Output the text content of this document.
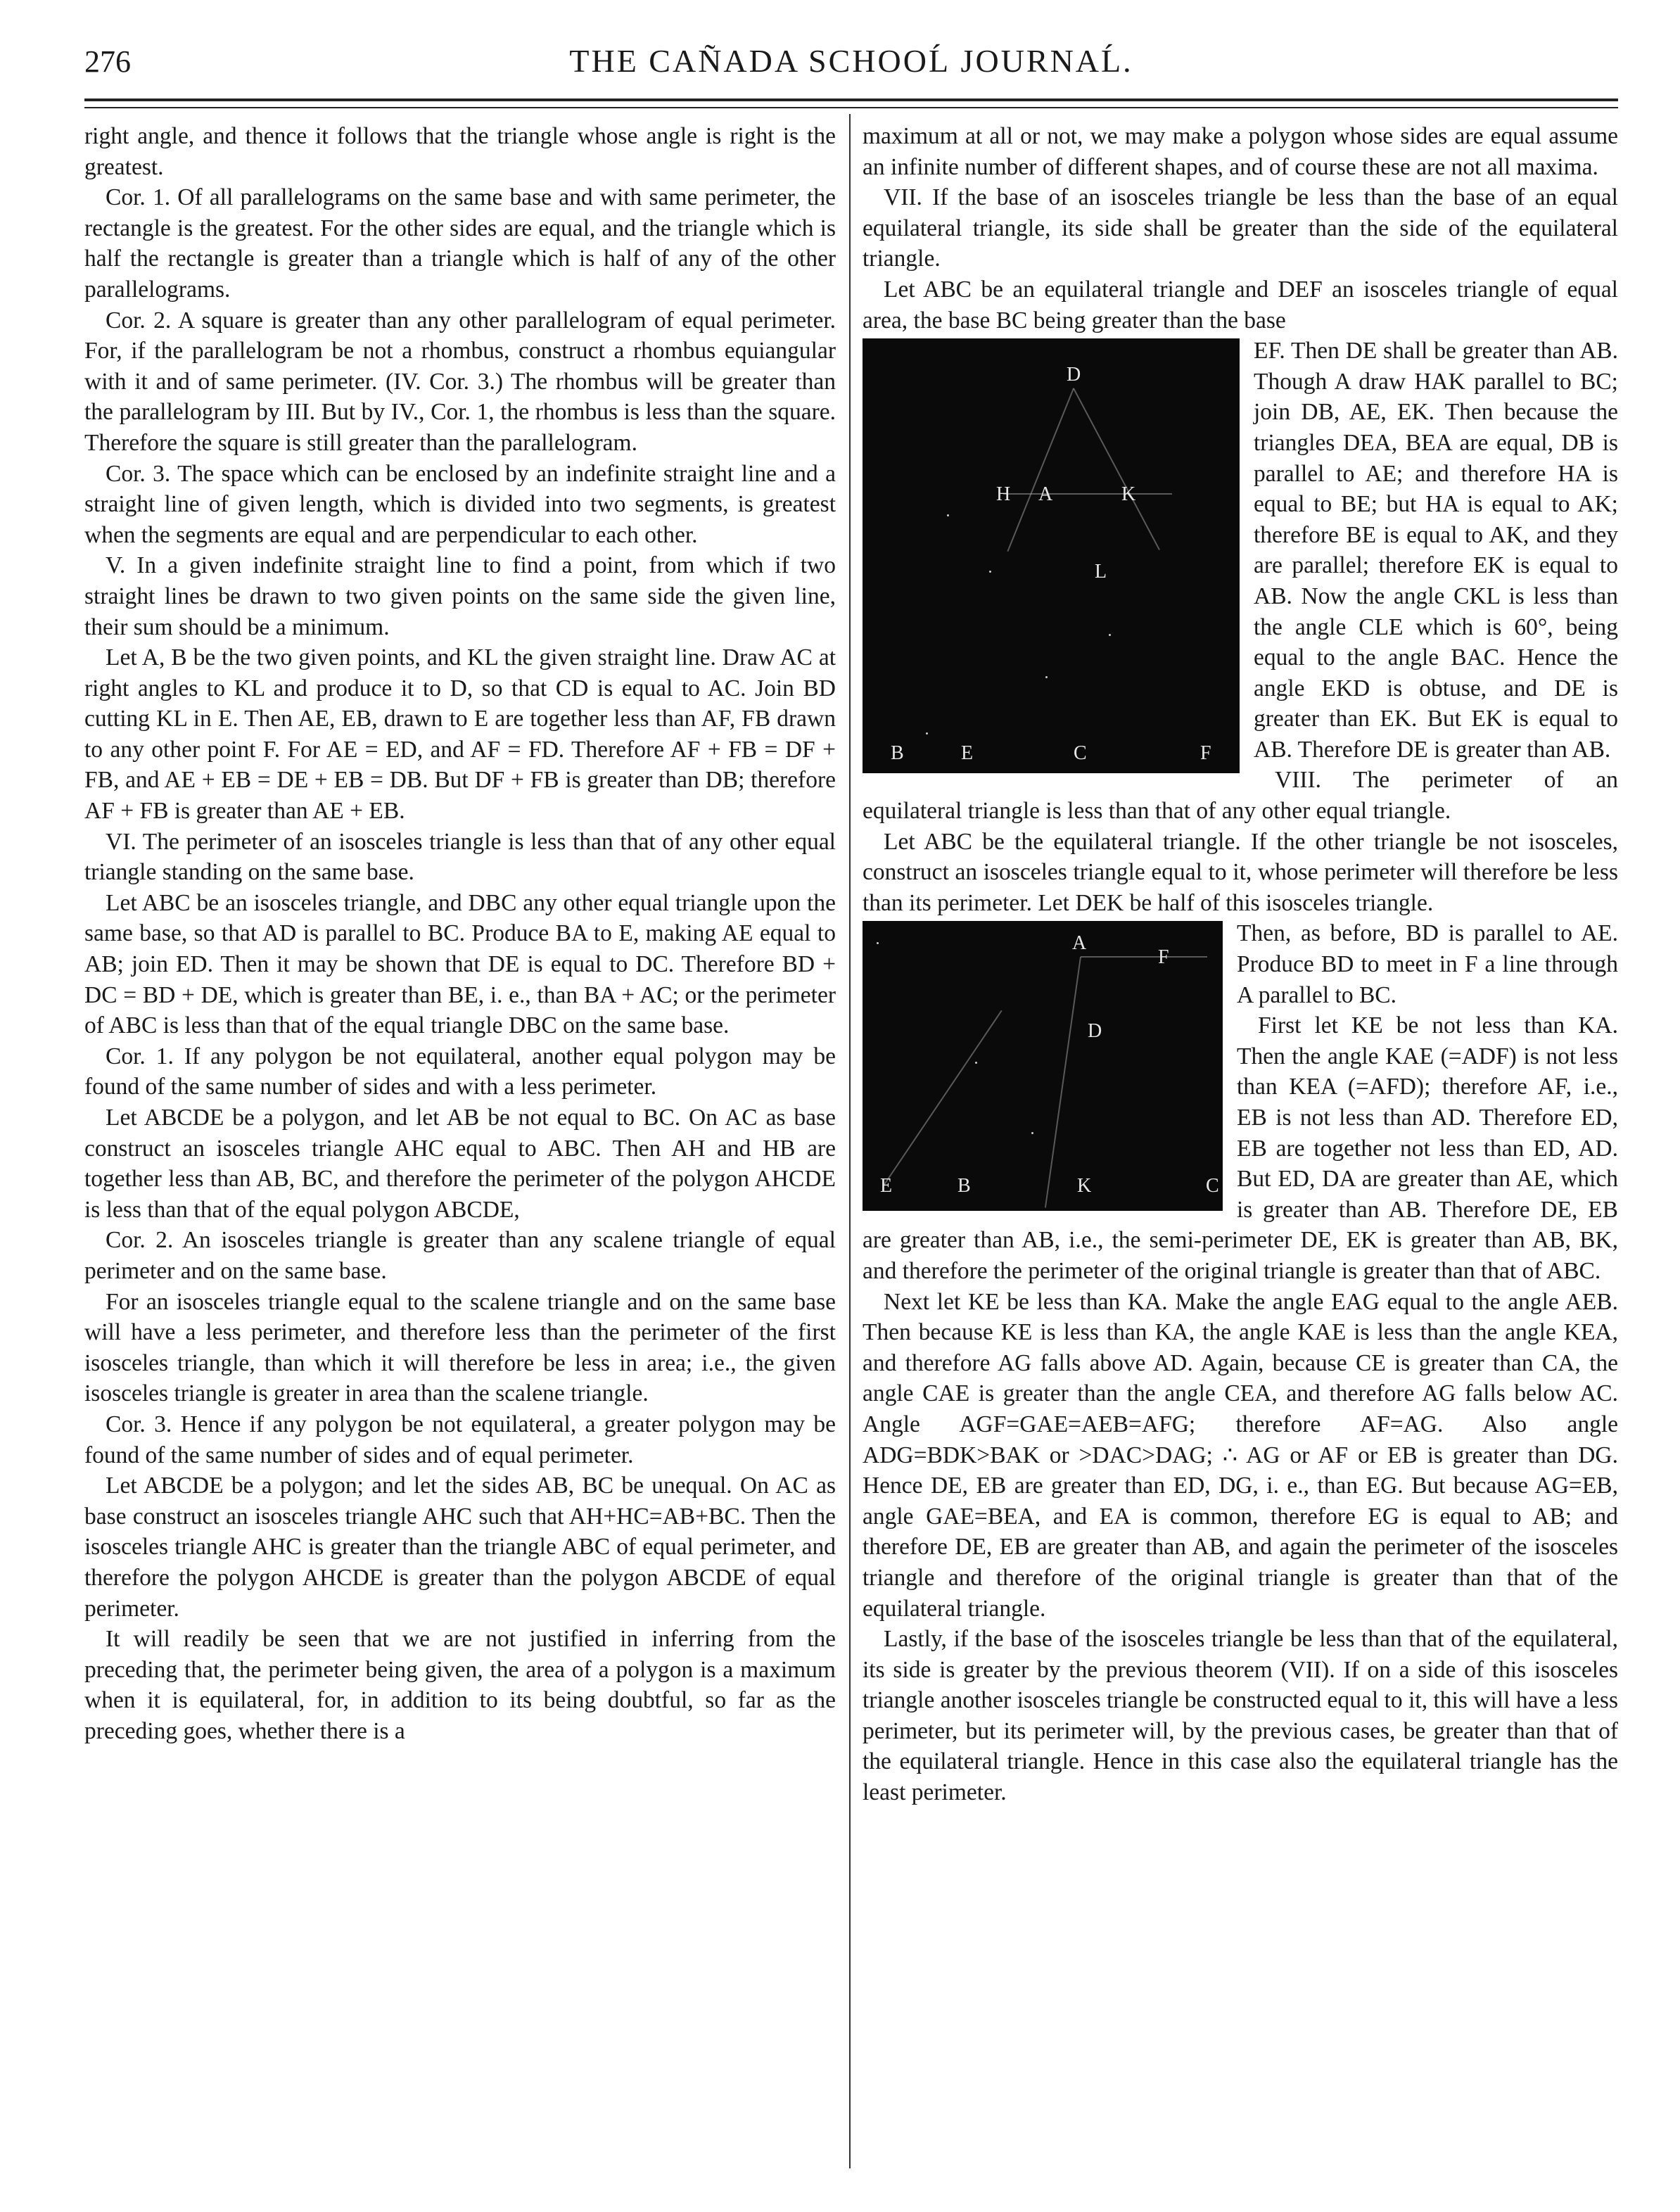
276	THE CAÑADA SCHOOĹ JOURNAĹ.

right angle, and thence it follows that the triangle whose angle is right is the greatest.

Cor. 1. Of all parallelograms on the same base and with same perimeter, the rectangle is the greatest. For the other sides are equal, and the triangle which is half the rectangle is greater than a triangle which is half of any of the other parallelograms.

Cor. 2. A square is greater than any other parallelogram of equal perimeter. For, if the parallelogram be not a rhombus, construct a rhombus equiangular with it and of same perimeter. (IV. Cor. 3.) The rhombus will be greater than the parallelogram by III. But by IV., Cor. 1, the rhombus is less than the square. Therefore the square is still greater than the parallelogram.

Cor. 3. The space which can be enclosed by an indefinite straight line and a straight line of given length, which is divided into two segments, is greatest when the segments are equal and are perpendicular to each other.

V. In a given indefinite straight line to find a point, from which if two straight lines be drawn to two given points on the same side the given line, their sum should be a minimum.

Let A, B be the two given points, and KL the given straight line. Draw AC at right angles to KL and produce it to D, so that CD is equal to AC. Join BD cutting KL in E. Then AE, EB, drawn to E are together less than AF, FB drawn to any other point F. For AE = ED, and AF = FD. Therefore AF + FB = DF + FB, and AE + EB = DE + EB = DB. But DF + FB is greater than DB; therefore AF + FB is greater than AE + EB.

VI. The perimeter of an isosceles triangle is less than that of any other equal triangle standing on the same base.

Let ABC be an isosceles triangle, and DBC any other equal triangle upon the same base, so that AD is parallel to BC. Produce BA to E, making AE equal to AB; join ED. Then it may be shown that DE is equal to DC. Therefore BD + DC = BD + DE, which is greater than BE, i. e., than BA + AC; or the perimeter of ABC is less than that of the equal triangle DBC on the same base.

Cor. 1. If any polygon be not equilateral, another equal polygon may be found of the same number of sides and with a less perimeter.

Let ABCDE be a polygon, and let AB be not equal to BC. On AC as base construct an isosceles triangle AHC equal to ABC. Then AH and HB are together less than AB, BC, and therefore the perimeter of the polygon AHCDE is less than that of the equal polygon ABCDE,

Cor. 2. An isosceles triangle is greater than any scalene triangle of equal perimeter and on the same base.

For an isosceles triangle equal to the scalene triangle and on the same base will have a less perimeter, and therefore less than the perimeter of the first isosceles triangle, than which it will therefore be less in area; i.e., the given isosceles triangle is greater in area than the scalene triangle.

Cor. 3. Hence if any polygon be not equilateral, a greater polygon may be found of the same number of sides and of equal perimeter.

Let ABCDE be a polygon; and let the sides AB, BC be unequal. On AC as base construct an isosceles triangle AHC such that AH+HC=AB+BC. Then the isosceles triangle AHC is greater than the triangle ABC of equal perimeter, and therefore the polygon AHCDE is greater than the polygon ABCDE of equal perimeter.

It will readily be seen that we are not justified in inferring from the preceding that, the perimeter being given, the area of a polygon is a maximum when it is equilateral, for, in addition to its being doubtful, so far as the preceding goes, whether there is a

maximum at all or not, we may make a polygon whose sides are equal assume an infinite number of different shapes, and of course these are not all maxima.

VII. If the base of an isosceles triangle be less than the base of an equal equilateral triangle, its side shall be greater than the side of the equilateral triangle.

Let ABC be an equilateral triangle and DEF an isosceles triangle of equal area, the base BC being greater than the base

D
H A	K
L
B	E	C	F

EF. Then DE shall be greater than AB. Though A draw HAK parallel to BC; join DB, AE, EK. Then because the triangles DEA, BEA are equal, DB is parallel to AE; and therefore HA is equal to BE; but HA is equal to AK; therefore BE is equal to AK, and they are parallel; therefore EK is equal to AB. Now the angle CKL is less than the angle CLE which is 60°, being equal to the angle BAC. Hence the angle EKD is obtuse, and DE is greater than EK. But EK is equal to AB. Therefore DE is greater than AB.

VIII. The perimeter of an equilateral triangle is less than that of any other equal triangle.

Let ABC be the equilateral triangle. If the other triangle be not isosceles, construct an isosceles triangle equal to it, whose perimeter will therefore be less than its perimeter. Let DEK be half of this isosceles triangle.

A
F
D
E	B	K	C

Then, as before, BD is parallel to AE. Produce BD to meet in F a line through A parallel to BC.

First let KE be not less than KA. Then the angle KAE (=ADF) is not less than KEA (=AFD); therefore AF, i.e., EB is not less than AD. Therefore ED, EB are together not less than ED, AD. But ED, DA are greater than AE, which is greater than AB. Therefore DE, EB are greater than AB, i.e., the semi-perimeter DE, EK is greater than AB, BK, and therefore the perimeter of the original triangle is greater than that of ABC.

Next let KE be less than KA. Make the angle EAG equal to the angle AEB. Then because KE is less than KA, the angle KAE is less than the angle KEA, and therefore AG falls above AD. Again, because CE is greater than CA, the angle CAE is greater than the angle CEA, and therefore AG falls below AC. Angle AGF=GAE=AEB=AFG; therefore AF=AG. Also angle ADG=BDK>BAK or >DAC>DAG; ∴ AG or AF or EB is greater than DG. Hence DE, EB are greater than ED, DG, i. e., than EG. But because AG=EB, angle GAE=BEA, and EA is common, therefore EG is equal to AB; and therefore DE, EB are greater than AB, and again the perimeter of the isosceles triangle and therefore of the original triangle is greater than that of the equilateral triangle.

Lastly, if the base of the isosceles triangle be less than that of the equilateral, its side is greater by the previous theorem (VII). If on a side of this isosceles triangle another isosceles triangle be constructed equal to it, this will have a less perimeter, but its perimeter will, by the previous cases, be greater than that of the equilateral triangle. Hence in this case also the equilateral triangle has the least perimeter.
